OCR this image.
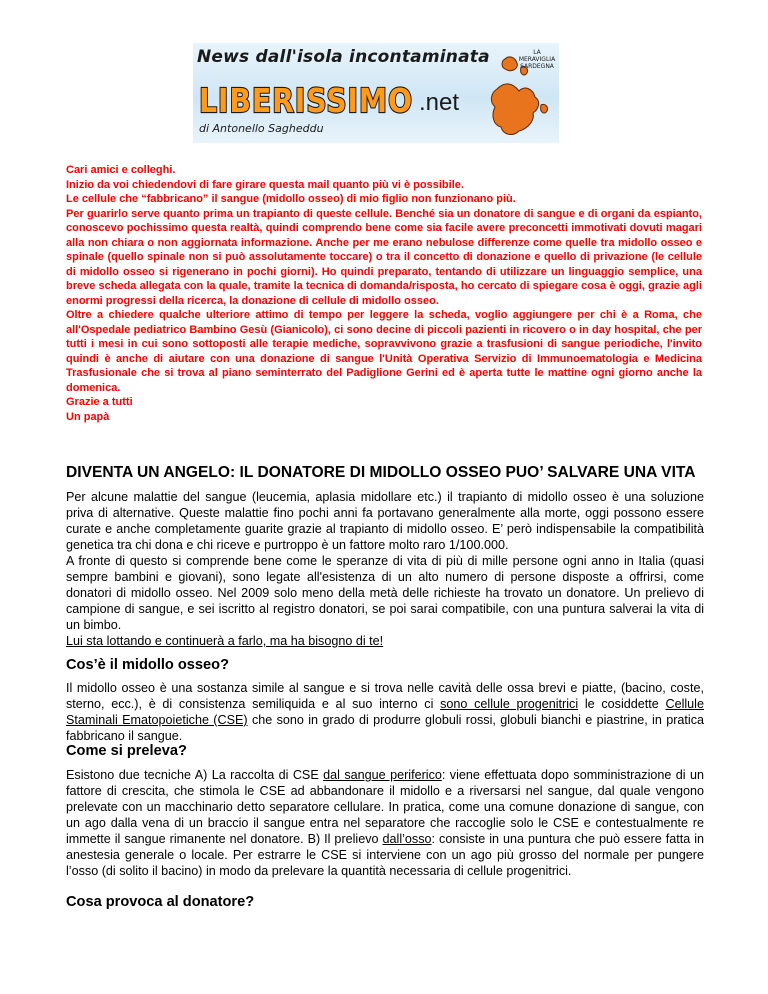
News dall'isola incontaminata
LIBERISSIMO .net
di Antonello Sagheddu
LA MERAVIGLIA SARDEGNA

Cari amici e colleghi.

Inizio da voi chiedendovi di fare girare questa mail quanto più vi è possibile.

Le cellule che “fabbricano” il sangue (midollo osseo) di mio figlio non funzionano più.

Per guarirlo serve quanto prima un trapianto di queste cellule. Benché sia un donatore di sangue e di organi da espianto, conoscevo pochissimo questa realtà, quindi comprendo bene come sia facile avere preconcetti immotivati dovuti magari alla non chiara o non aggiornata informazione. Anche per me erano nebulose differenze come quelle tra midollo osseo e spinale (quello spinale non si può assolutamente toccare) o tra il concetto di donazione e quello di privazione (le cellule di midollo osseo si rigenerano in pochi giorni). Ho quindi preparato, tentando di utilizzare un linguaggio semplice, una breve scheda allegata con la quale, tramite la tecnica di domanda/risposta, ho cercato di spiegare cosa è oggi, grazie agli enormi progressi della ricerca, la donazione di cellule di midollo osseo.

Oltre a chiedere qualche ulteriore attimo di tempo per leggere la scheda, voglio aggiungere per chi è a Roma, che all'Ospedale pediatrico Bambino Gesù (Gianicolo), ci sono decine di piccoli pazienti in ricovero o in day hospital, che per tutti i mesi in cui sono sottoposti alle terapie mediche, sopravvivono grazie a trasfusioni di sangue periodiche, l'invito quindi è anche di aiutare con una donazione di sangue l'Unità Operativa Servizio di Immunoematologia e Medicina Trasfusionale che si trova al piano seminterrato del Padiglione Gerini ed è aperta tutte le mattine ogni giorno anche la domenica.

Grazie a tutti

Un papà

DIVENTA UN ANGELO: IL DONATORE DI MIDOLLO OSSEO PUO’ SALVARE UNA VITA

Per alcune malattie del sangue (leucemia, aplasia midollare etc.) il trapianto di midollo osseo è una soluzione priva di alternative. Queste malattie fino pochi anni fa portavano generalmente alla morte, oggi possono essere curate e anche completamente guarite grazie al trapianto di midollo osseo. E’ però indispensabile la compatibilità genetica tra chi dona e chi riceve e purtroppo è un fattore molto raro 1/100.000.

A fronte di questo si comprende bene come le speranze di vita di più di mille persone ogni anno in Italia (quasi sempre bambini e giovani), sono legate all'esistenza di un alto numero di persone disposte a offrirsi, come donatori di midollo osseo. Nel 2009 solo meno della metà delle richieste ha trovato un donatore. Un prelievo di campione di sangue, e sei iscritto al registro donatori, se poi sarai compatibile, con una puntura salverai la vita di un bimbo.

Lui sta lottando e continuerà a farlo, ma ha bisogno di te!

Cos’è il midollo osseo?

Il midollo osseo è una sostanza simile al sangue e si trova nelle cavità delle ossa brevi e piatte, (bacino, coste, sterno, ecc.), è di consistenza semiliquida e al suo interno ci sono cellule progenitrici le cosiddette Cellule Staminali Ematopoietiche (CSE) che sono in grado di produrre globuli rossi, globuli bianchi e piastrine, in pratica fabbricano il sangue.

Come si preleva?

Esistono due tecniche A) La raccolta di CSE dal sangue periferico: viene effettuata dopo somministrazione di un fattore di crescita, che stimola le CSE ad abbandonare il midollo e a riversarsi nel sangue, dal quale vengono prelevate con un macchinario detto separatore cellulare. In pratica, come una comune donazione di sangue, con un ago dalla vena di un braccio il sangue entra nel separatore che raccoglie solo le CSE e contestualmente re immette il sangue rimanente nel donatore. B) Il prelievo dall’osso: consiste in una puntura che può essere fatta in anestesia generale o locale. Per estrarre le CSE si interviene con un ago più grosso del normale per pungere l’osso (di solito il bacino) in modo da prelevare la quantità necessaria di cellule progenitrici.

Cosa provoca al donatore?
